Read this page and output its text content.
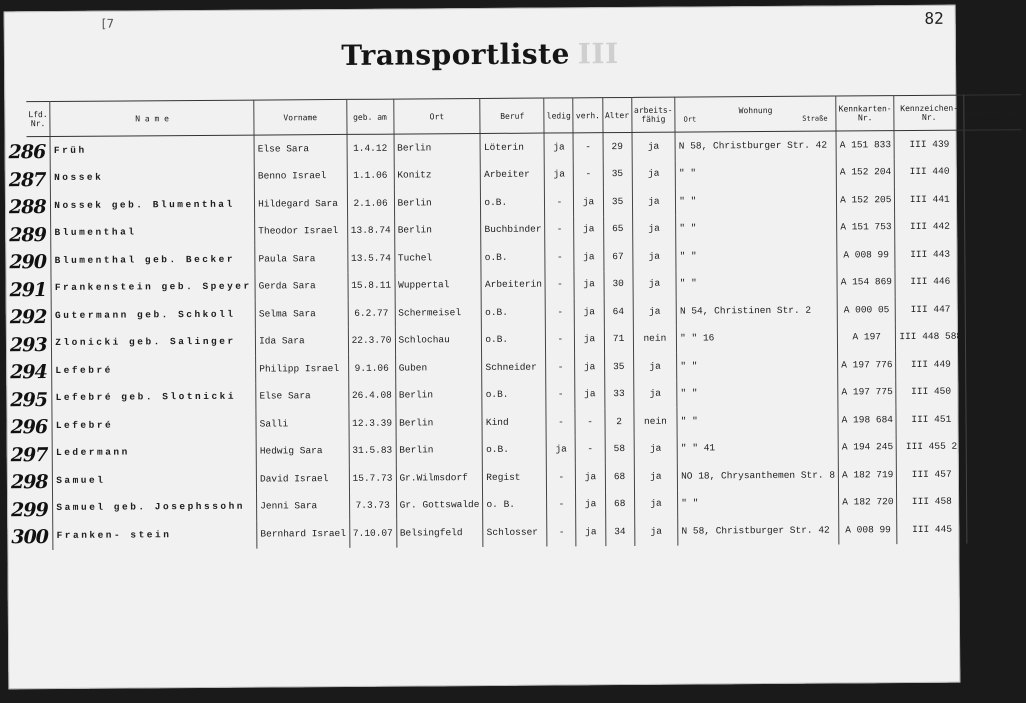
82
[7
Transportliste III
Lfd. Nr.	N a m e	Vorname	geb. am	Ort	Beruf	ledig	verh.	Alter	arbeits-fähig	Wohnung
Ort Straße	Kennkarten-Nr.	Kennzeichen-Nr.	Bemerkungen

286	Früh	Else Sara	1.4.12	Berlin	Löterin	ja	-	29	ja	N 58, Christburger Str. 42	A 151 833	III 439	

287	Nossek	Benno Israel	1.1.06	Konitz	Arbeiter	ja	-	35	ja	" "	A 152 204	III 440	

288	Nossek geb. Blumenthal	Hildegard Sara	2.1.06	Berlin	o.B.	-	ja	35	ja	" "	A 152 205	III 441	

289	Blumenthal	Theodor Israel	13.8.74	Berlin	Buchbinder	-	ja	65	ja	" "	A 151 753	III 442	

290	Blumenthal geb. Becker	Paula Sara	13.5.74	Tuchel	o.B.	-	ja	67	ja	" "	A 008 99	III 443	

291	Frankenstein geb. Speyer	Gerda Sara	15.8.11	Wuppertal	Arbeiterin	-	ja	30	ja	" "	A 154 869	III 446	

292	Gutermann geb. Schkoll	Selma Sara	6.2.77	Schermeisel	o.B.	-	ja	64	ja	N 54, Christinen Str. 2	A 000 05	III 447	

293	Zlonicki geb. Salinger	Ida Sara	22.3.70	Schlochau	o.B.	-	ja	71	nein	" " 16	A 197	III 448 588	

294	Lefebré	Philipp Israel	9.1.06	Guben	Schneider	-	ja	35	ja	" "	A 197 776	III 449	

295	Lefebré geb. Slotnicki	Else Sara	26.4.08	Berlin	o.B.	-	ja	33	ja	" "	A 197 775	III 450	

296	Lefebré	Salli	12.3.39	Berlin	Kind	-	-	2	nein	" "	A 198 684	III 451	

297	Ledermann	Hedwig Sara	31.5.83	Berlin	o.B.	ja	-	58	ja	" " 41	A 194 245	III 455 2	

298	Samuel	David Israel	15.7.73	Gr.Wilmsdorf	Regist	-	ja	68	ja	NO 18, Chrysanthemen Str. 8	A 182 719	III 457	

299	Samuel geb. Josephssohn	Jenni Sara	7.3.73	Gr. Gottswalde	o. B.	-	ja	68	ja	" "	A 182 720	III 458	

300	Franken- stein	Bernhard Israel	7.10.07	Belsingfeld	Schlosser	-	ja	34	ja	N 58, Christburger Str. 42	A 008 99	III 445	
